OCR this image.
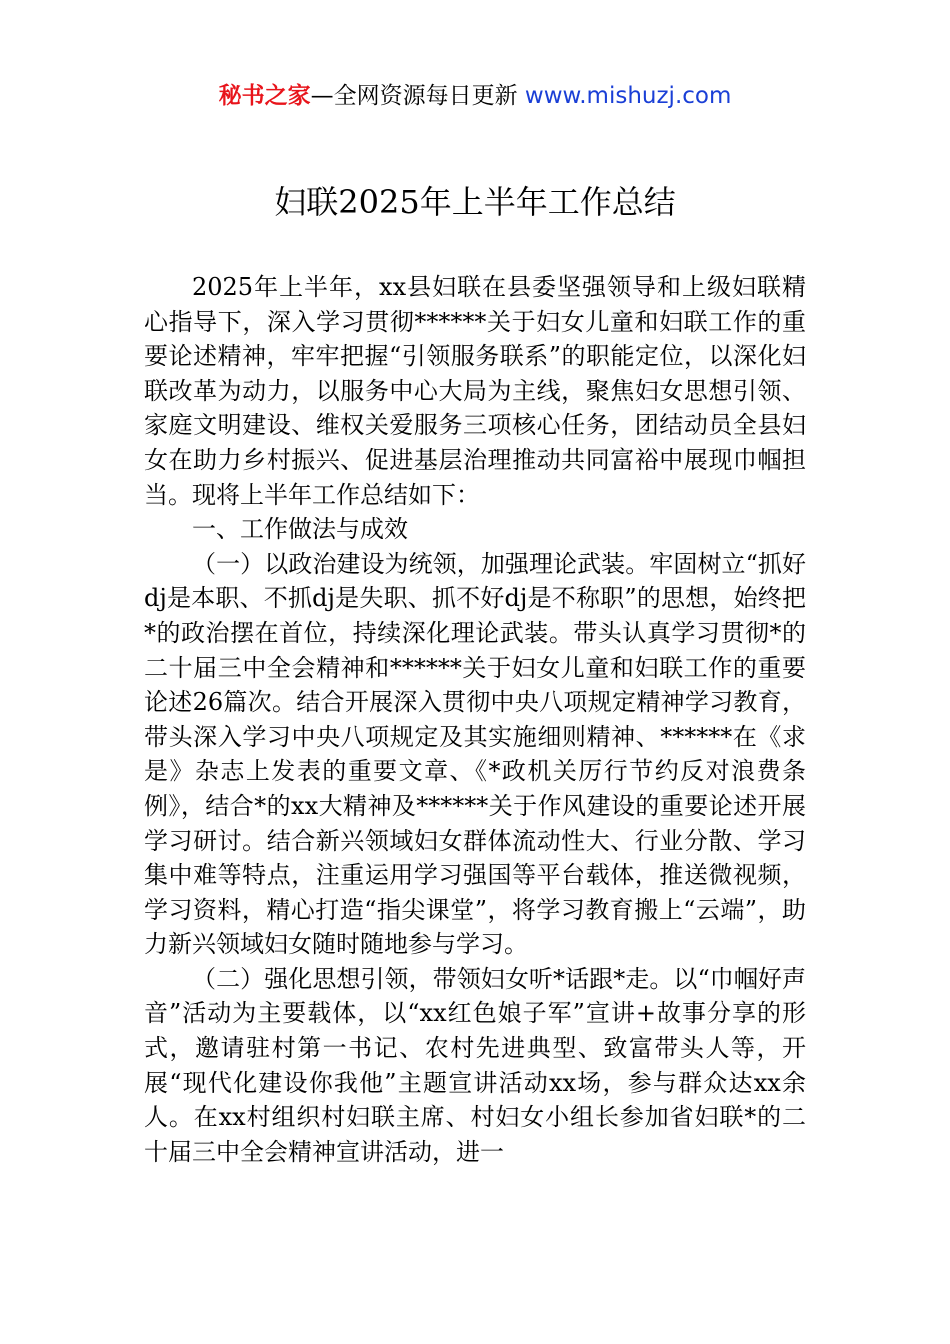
秘书之家—全网资源每日更新 www.mishuzj.com
妇联2025年上半年工作总结

2025年上半年，xx县妇联在县委坚强领导和上级妇联精心指导下，深入学习贯彻******关于妇女儿童和妇联工作的重要论述精神，牢牢把握“引领服务联系”的职能定位，以深化妇联改革为动力，以服务中心大局为主线，聚焦妇女思想引领、家庭文明建设、维权关爱服务三项核心任务，团结动员全县妇女在助力乡村振兴、促进基层治理推动共同富裕中展现巾帼担当。现将上半年工作总结如下：

一、工作做法与成效

（一）以政治建设为统领，加强理论武装。牢固树立“抓好dj是本职、不抓dj是失职、抓不好dj是不称职”的思想，始终把*的政治摆在首位，持续深化理论武装。带头认真学习贯彻*的二十届三中全会精神和******关于妇女儿童和妇联工作的重要论述26篇次。结合开展深入贯彻中央八项规定精神学习教育，带头深入学习中央八项规定及其实施细则精神、******在《求是》杂志上发表的重要文章、《*政机关厉行节约反对浪费条例》，结合*的xx大精神及******关于作风建设的重要论述开展学习研讨。结合新兴领域妇女群体流动性大、行业分散、学习集中难等特点，注重运用学习强国等平台载体，推送微视频，学习资料，精心打造“指尖课堂”，将学习教育搬上“云端”，助力新兴领域妇女随时随地参与学习。

（二）强化思想引领，带领妇女听*话跟*走。以“巾帼好声音”活动为主要载体，以“xx红色娘子军”宣讲+故事分享的形式，邀请驻村第一书记、农村先进典型、致富带头人等，开展“现代化建设你我他”主题宣讲活动xx场，参与群众达xx余人。在xx村组织村妇联主席、村妇女小组长参加省妇联*的二十届三中全会精神宣讲活动，进一
